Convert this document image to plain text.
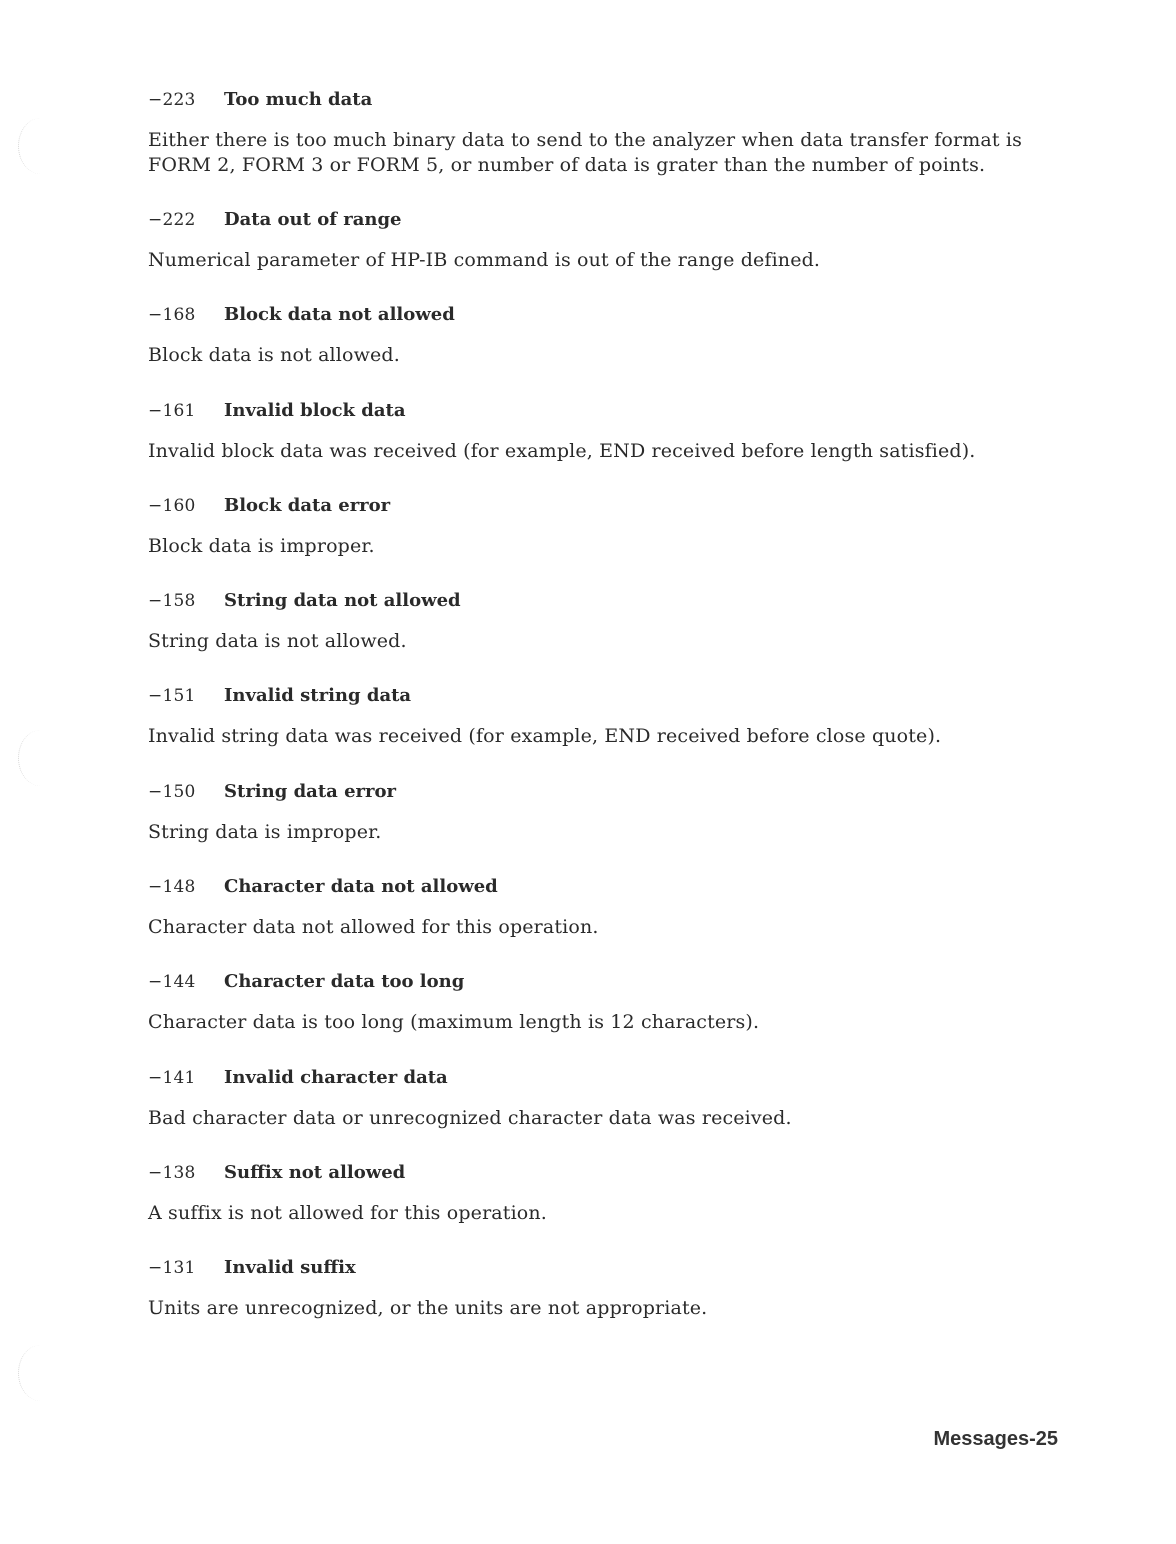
−223 Too much data
Either there is too much binary data to send to the analyzer when data transfer format is FORM 2, FORM 3 or FORM 5, or number of data is grater than the number of points.
−222 Data out of range
Numerical parameter of HP-IB command is out of the range defined.
−168 Block data not allowed
Block data is not allowed.
−161 Invalid block data
Invalid block data was received (for example, END received before length satisfied).
−160 Block data error
Block data is improper.
−158 String data not allowed
String data is not allowed.
−151 Invalid string data
Invalid string data was received (for example, END received before close quote).
−150 String data error
String data is improper.
−148 Character data not allowed
Character data not allowed for this operation.
−144 Character data too long
Character data is too long (maximum length is 12 characters).
−141 Invalid character data
Bad character data or unrecognized character data was received.
−138 Suffix not allowed
A suffix is not allowed for this operation.
−131 Invalid suffix
Units are unrecognized, or the units are not appropriate.
Messages-25
